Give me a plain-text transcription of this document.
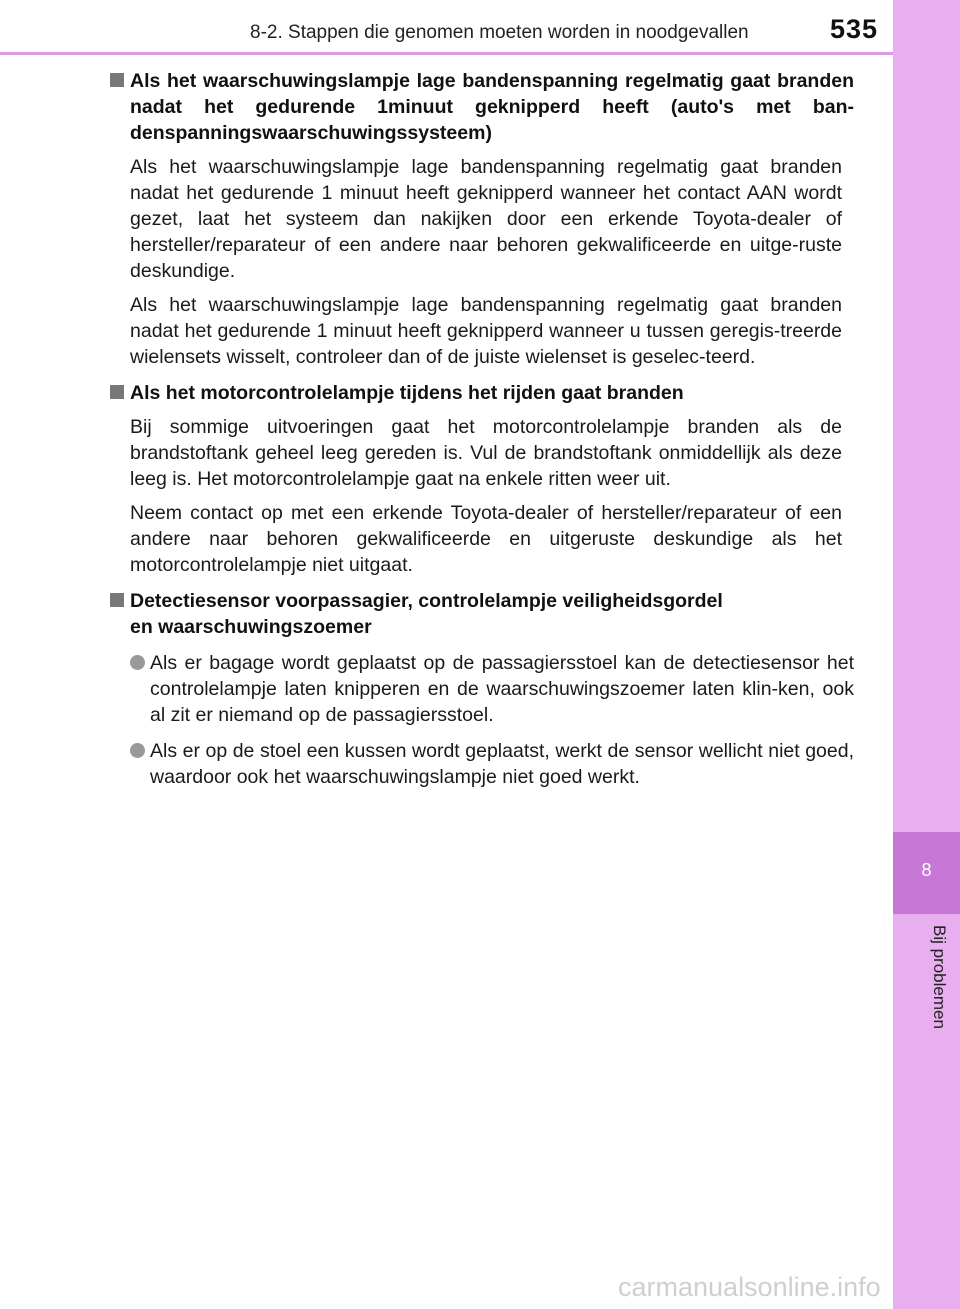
8-2. Stappen die genomen moeten worden in noodgevallen	535
8
Bij problemen
Als het waarschuwingslampje lage bandenspanning regelmatig gaat branden nadat het gedurende 1minuut geknipperd heeft (auto's met ban-denspanningswaarschuwingssysteem)

Als het waarschuwingslampje lage bandenspanning regelmatig gaat branden nadat het gedurende 1 minuut heeft geknipperd wanneer het contact AAN wordt gezet, laat het systeem dan nakijken door een erkende Toyota-dealer of hersteller/reparateur of een andere naar behoren gekwalificeerde en uitge-ruste deskundige.

Als het waarschuwingslampje lage bandenspanning regelmatig gaat branden nadat het gedurende 1 minuut heeft geknipperd wanneer u tussen geregis-treerde wielensets wisselt, controleer dan of de juiste wielenset is geselec-teerd.

Als het motorcontrolelampje tijdens het rijden gaat branden

Bij sommige uitvoeringen gaat het motorcontrolelampje branden als de brandstoftank geheel leeg gereden is. Vul de brandstoftank onmiddellijk als deze leeg is. Het motorcontrolelampje gaat na enkele ritten weer uit.

Neem contact op met een erkende Toyota-dealer of hersteller/reparateur of een andere naar behoren gekwalificeerde en uitgeruste deskundige als het motorcontrolelampje niet uitgaat.

Detectiesensor voorpassagier, controlelampje veiligheidsgordel
en waarschuwingszoemer
Als er bagage wordt geplaatst op de passagiersstoel kan de detectiesensor het controlelampje laten knipperen en de waarschuwingszoemer laten klin-ken, ook al zit er niemand op de passagiersstoel.
Als er op de stoel een kussen wordt geplaatst, werkt de sensor wellicht niet goed, waardoor ook het waarschuwingslampje niet goed werkt.
carmanualsonline.info
